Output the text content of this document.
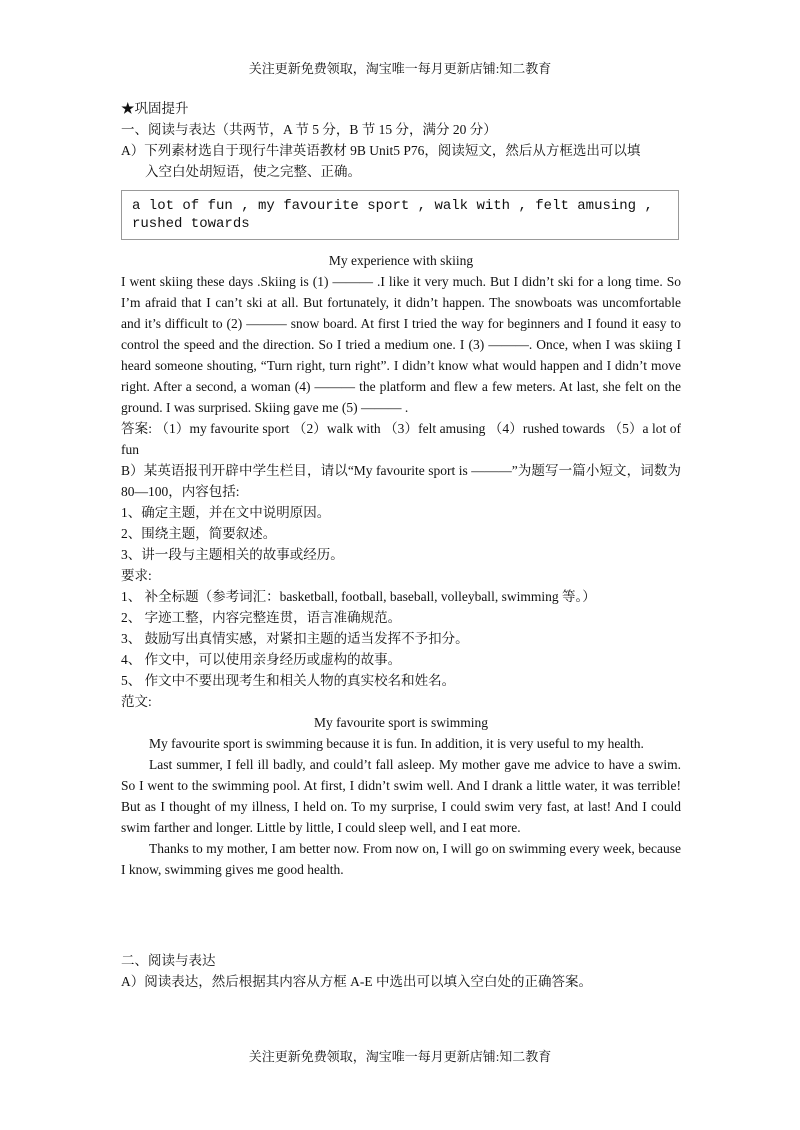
关注更新免费领取，淘宝唯一每月更新店铺:知二教育
★巩固提升
一、阅读与表达（共两节，A 节 5 分，B 节 15 分，满分 20 分）
A）下列素材选自于现行牛津英语教材 9B Unit5 P76，阅读短文，然后从方框选出可以填
入空白处胡短语，使之完整、正确。
a lot of fun , my favourite sport , walk with , felt amusing , rushed towards
My experience with skiing
I went skiing these days .Skiing is (1) ——— .I like it very much. But I didn’t ski for a long time. So I’m afraid that I can’t ski at all. But fortunately, it didn’t happen. The snowboats was uncomfortable and it’s difficult to (2) ——— snow board. At first I tried the way for beginners and I found it easy to control the speed and the direction. So I tried a medium one. I (3) ———. Once, when I was skiing I heard someone shouting, “Turn right, turn right”. I didn’t know what would happen and I didn’t move right. After a second, a woman (4) ——— the platform and flew a few meters. At last, she felt on the ground. I was surprised. Skiing gave me (5) ——— .
答案: （1）my favourite sport （2）walk with （3）felt amusing （4）rushed towards （5）a lot of fun
B）某英语报刊开辟中学生栏目，请以“My favourite sport is ———”为题写一篇小短文，词数为 80—100，内容包括:
1、确定主题，并在文中说明原因。
2、围绕主题，简要叙述。
3、讲一段与主题相关的故事或经历。
要求:
1、 补全标题（参考词汇：basketball, football, baseball, volleyball, swimming 等。）
2、 字迹工整，内容完整连贯，语言准确规范。
3、 鼓励写出真情实感，对紧扣主题的适当发挥不予扣分。
4、 作文中，可以使用亲身经历或虚构的故事。
5、 作文中不要出现考生和相关人物的真实校名和姓名。
范文:
My favourite sport is swimming
My favourite sport is swimming because it is fun. In addition, it is very useful to my health.
Last summer, I fell ill badly, and could’t fall asleep. My mother gave me advice to have a swim. So I went to the swimming pool. At first, I didn’t swim well. And I drank a little water, it was terrible! But as I thought of my illness, I held on. To my surprise, I could swim very fast, at last! And I could swim farther and longer. Little by little, I could sleep well, and I eat more.
Thanks to my mother, I am better now. From now on, I will go on swimming every week, because I know, swimming gives me good health.
二、阅读与表达
A）阅读表达，然后根据其内容从方框 A-E 中选出可以填入空白处的正确答案。
关注更新免费领取，淘宝唯一每月更新店铺:知二教育
